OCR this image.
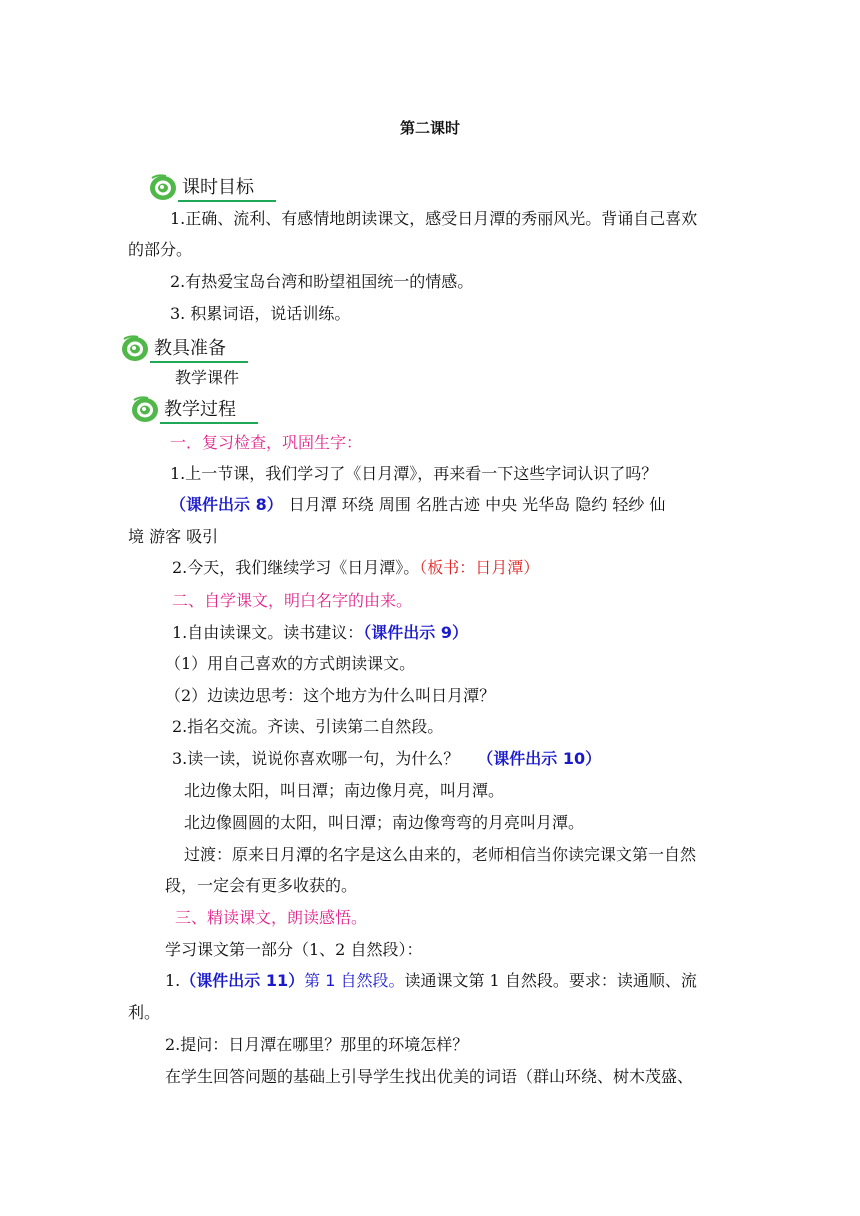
第二课时
课时目标
1.正确、流利、有感情地朗读课文，感受日月潭的秀丽风光。背诵自己喜欢
的部分。
2.有热爱宝岛台湾和盼望祖国统一的情感。
3. 积累词语，说话训练。
教具准备
教学课件
教学过程
一．复习检查，巩固生字：
1.上一节课，我们学习了《日月潭》，再来看一下这些字词认识了吗？
（课件出示 8） 日月潭 环绕 周围 名胜古迹 中央 光华岛 隐约 轻纱 仙
境 游客 吸引
2.今天，我们继续学习《日月潭》。（板书：日月潭）
二、自学课文，明白名字的由来。
1.自由读课文。读书建议：（课件出示 9）
（1）用自己喜欢的方式朗读课文。
（2）边读边思考：这个地方为什么叫日月潭？
2.指名交流。齐读、引读第二自然段。
3.读一读，说说你喜欢哪一句，为什么？ （课件出示 10）
北边像太阳，叫日潭；南边像月亮，叫月潭。
北边像圆圆的太阳，叫日潭；南边像弯弯的月亮叫月潭。
过渡：原来日月潭的名字是这么由来的，老师相信当你读完课文第一自然
段，一定会有更多收获的。
三、精读课文，朗读感悟。
学习课文第一部分（1、2 自然段）：
1.（课件出示 11）第 1 自然段。读通课文第 1 自然段。要求：读通顺、流
利。
2.提问：日月潭在哪里？那里的环境怎样？
在学生回答问题的基础上引导学生找出优美的词语（群山环绕、树木茂盛、
